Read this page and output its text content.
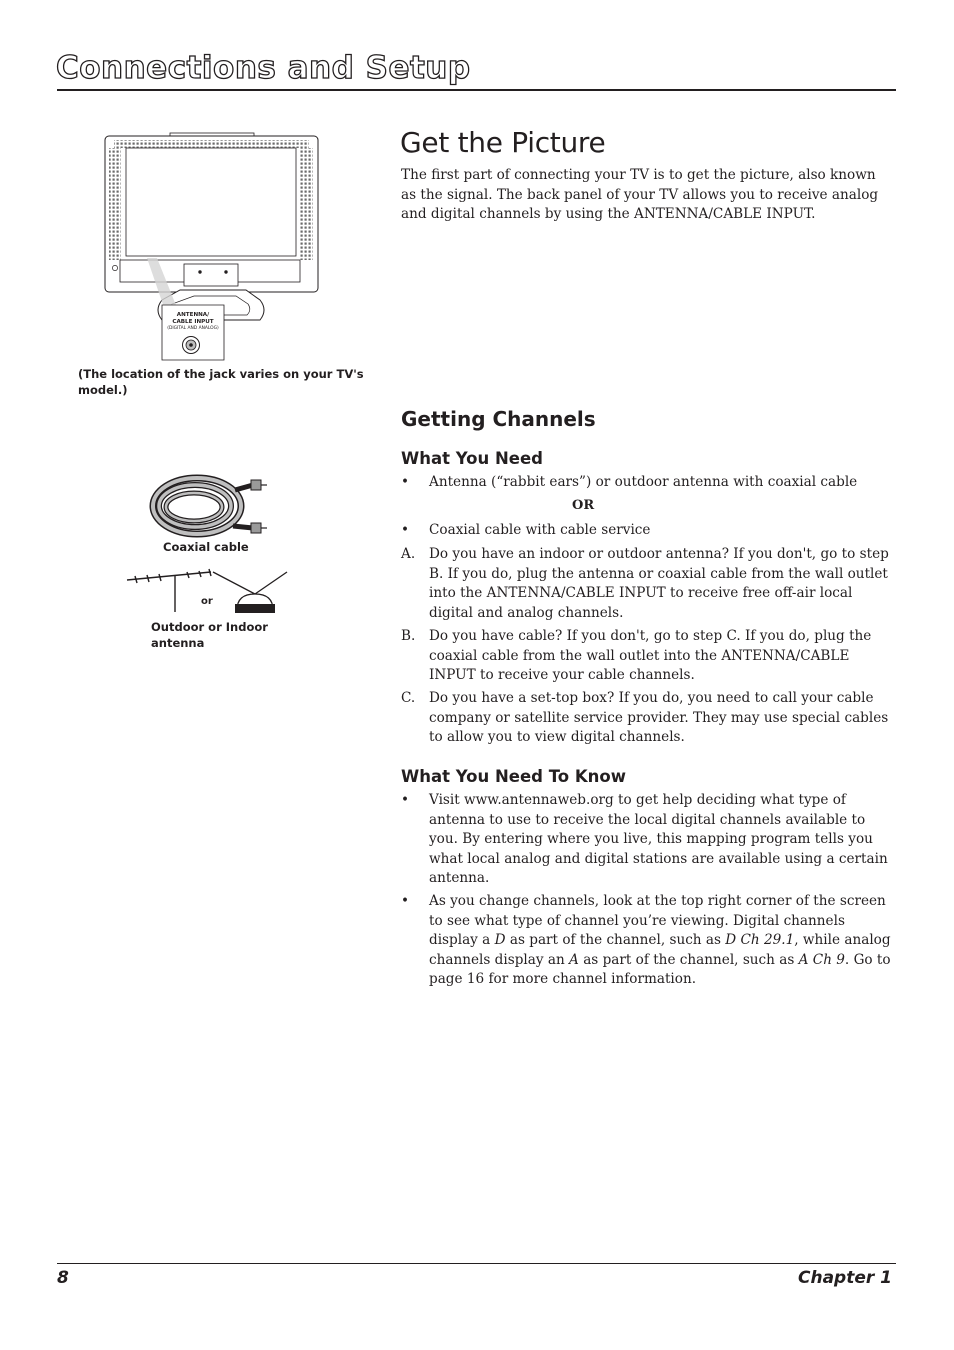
Connections and Setup
ANTENNA/
CABLE INPUT
(DIGITAL AND ANALOG)
(The location of the jack varies on your TV's model.)
Coaxial cable
or
Outdoor or Indoor antenna
Get the Picture

The first part of connecting your TV is to get the picture, also known as the signal. The back panel of your TV allows you to receive analog and digital channels by using the ANTENNA/CABLE INPUT.

Getting Channels
What You Need
•	Antenna (“rabbit ears”) or outdoor antenna with coaxial cable
OR
•	Coaxial cable with cable service
A.	Do you have an indoor or outdoor antenna? If you don't, go to step B. If you do, plug the antenna or coaxial cable from the wall outlet into the ANTENNA/CABLE INPUT to receive free off-air local digital and analog channels.
B.	Do you have cable? If you don't, go to step C. If you do, plug the coaxial cable from the wall outlet into the ANTENNA/CABLE INPUT to receive your cable channels.
C.	Do you have a set-top box? If you do, you need to call your cable company or satellite service provider. They may use special cables to allow you to view digital channels.
What You Need To Know
•	Visit www.antennaweb.org to get help deciding what type of antenna to use to receive the local digital channels available to you. By entering where you live, this mapping program tells you what local analog and digital stations are available using a certain antenna.
•	As you change channels, look at the top right corner of the screen to see what type of channel you’re viewing. Digital channels display a D as part of the channel, such as D Ch 29.1, while analog channels display an A as part of the channel, such as A Ch 9. Go to page 16 for more channel information.
8	Chapter 1
